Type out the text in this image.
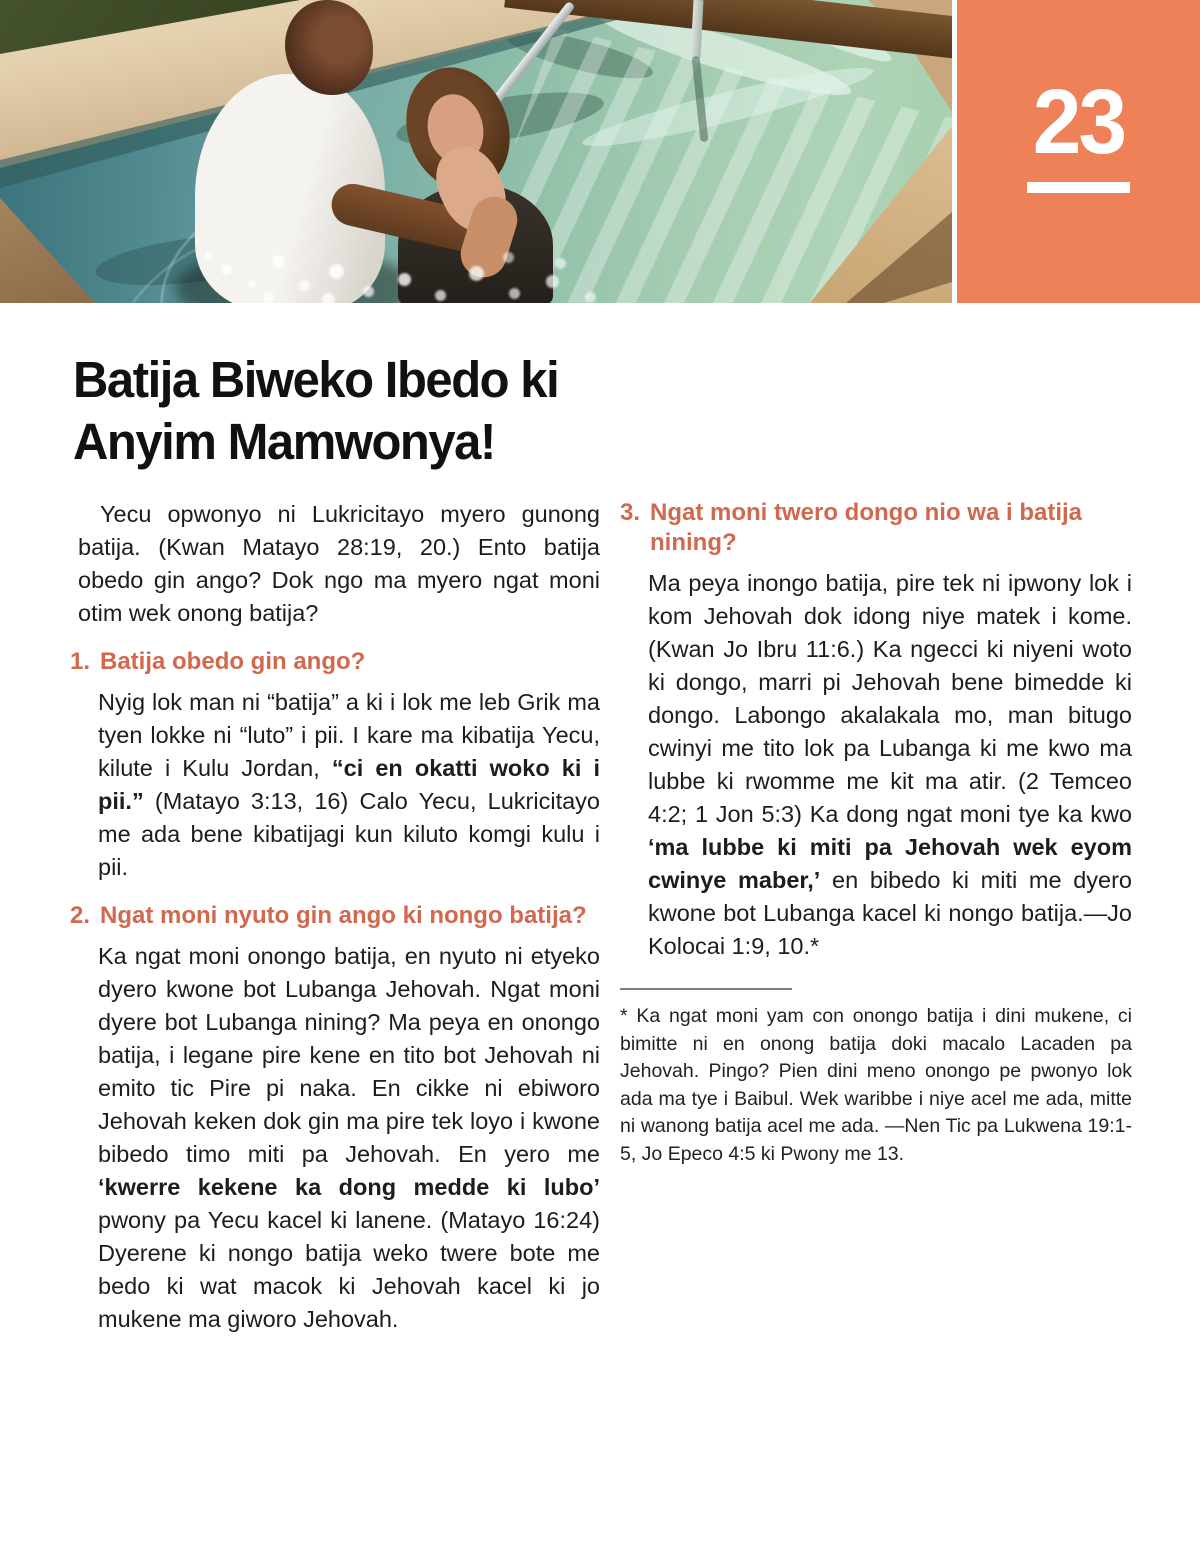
23
Batija Biweko Ibedo ki
Anyim Mamwonya!

Yecu opwonyo ni Lukricitayo myero gunong batija. (Kwan Matayo 28:19, 20.) Ento batija obedo gin ango? Dok ngo ma myero ngat moni otim wek onong batija?

1. Batija obedo gin ango?

Nyig lok man ni “batija” a ki i lok me leb Grik ma tyen lokke ni “luto” i pii. I kare ma kibatija Yecu, kilute i Kulu Jordan, “ci en okatti woko ki i pii.” (Matayo 3:13, 16) Calo Yecu, Lukricitayo me ada bene kibatijagi kun kiluto komgi kulu i pii.

2. Ngat moni nyuto gin ango ki nongo batija?

Ka ngat moni onongo batija, en nyuto ni etyeko dyero kwone bot Lubanga Jehovah. Ngat moni dyere bot Lubanga nining? Ma peya en onongo batija, i legane pire kene en tito bot Jehovah ni emito tic Pire pi naka. En cikke ni ebiworo Jehovah keken dok gin ma pire tek loyo i kwone bibedo timo miti pa Jehovah. En yero me ‘kwerre kekene ka dong medde ki lubo’ pwony pa Yecu kacel ki lanene. (Matayo 16:24) Dyerene ki nongo batija weko twere bote me bedo ki wat macok ki Jehovah kacel ki jo mukene ma giworo Jehovah.

3. Ngat moni twero dongo nio wa i batija nining?

Ma peya inongo batija, pire tek ni ipwony lok i kom Jehovah dok idong niye matek i kome. (Kwan Jo Ibru 11:6.) Ka ngecci ki niyeni woto ki dongo, marri pi Jehovah bene bimedde ki dongo. Labongo akalakala mo, man bitugo cwinyi me tito lok pa Lubanga ki me kwo ma lubbe ki rwomme me kit ma atir. (2 Temceo 4:2; 1 Jon 5:3) Ka dong ngat moni tye ka kwo ‘ma lubbe ki miti pa Jehovah wek eyom cwinye maber,’ en bibedo ki miti me dyero kwone bot Lubanga kacel ki nongo batija.—Jo Kolocai 1:9, 10.*

* Ka ngat moni yam con onongo batija i dini mukene, ci bimitte ni en onong batija doki macalo Lacaden pa Jehovah. Pingo? Pien dini meno onongo pe pwonyo lok ada ma tye i Baibul. Wek waribbe i niye acel me ada, mitte ni wanong batija acel me ada. —Nen Tic pa Lukwena 19:1-5, Jo Epeco 4:5 ki Pwony me 13.
